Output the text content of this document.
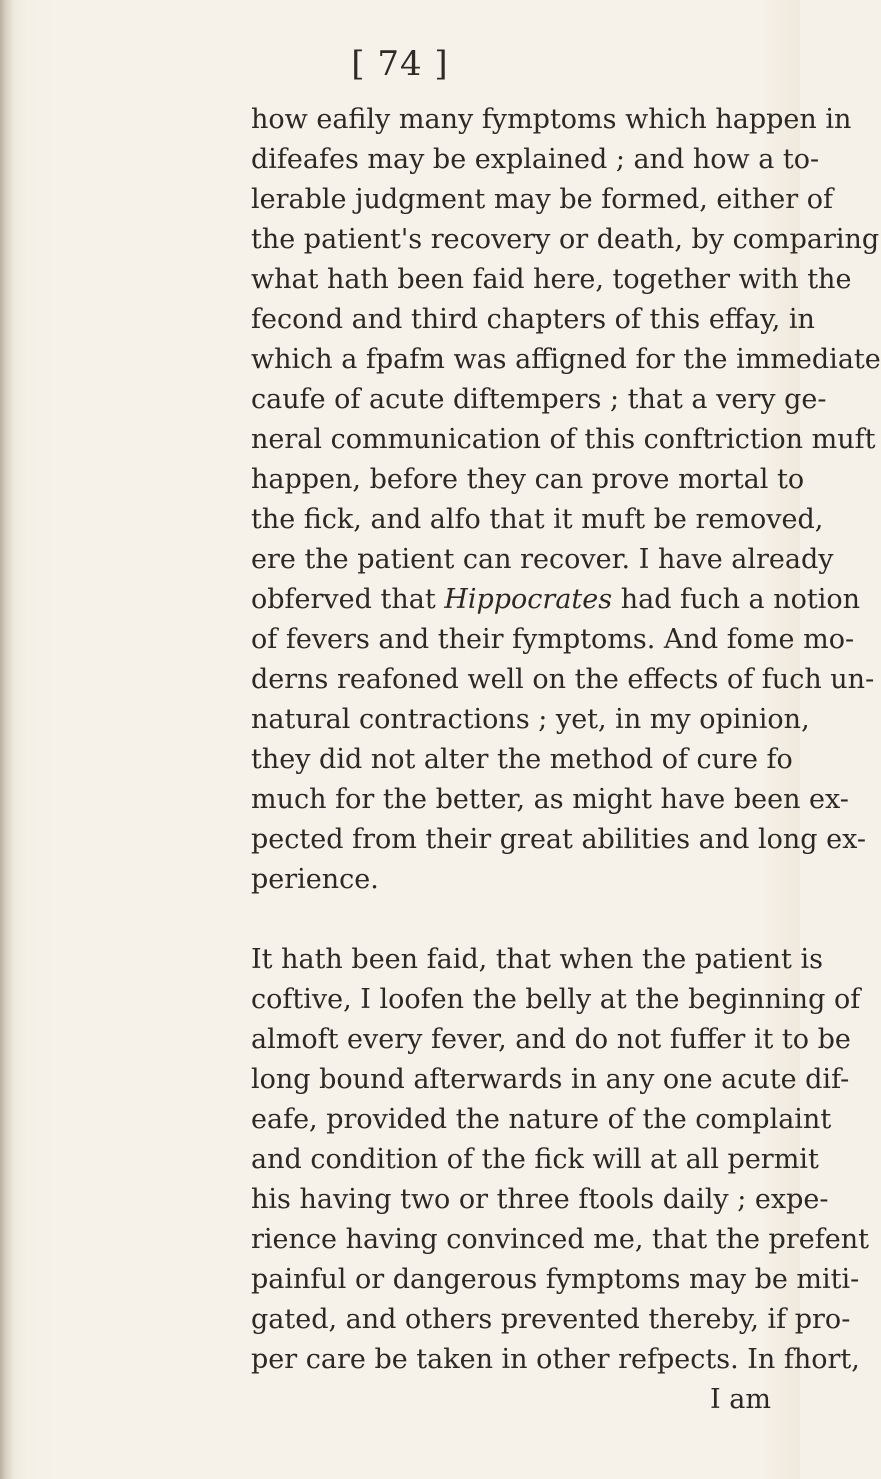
[ 74 ]
how eafily many fymptoms which happen in
difeafes may be explained ; and how a to-
lerable judgment may be formed, either of
the patient's recovery or death, by comparing
what hath been faid here, together with the
fecond and third chapters of this effay, in
which a fpafm was affigned for the immediate
caufe of acute diftempers ; that a very ge-
neral communication of this conftriction muft
happen, before they can prove mortal to
the fick, and alfo that it muft be removed,
ere the patient can recover. I have already
obferved that Hippocrates had fuch a notion
of fevers and their fymptoms. And fome mo-
derns reafoned well on the effects of fuch un-
natural contractions ; yet, in my opinion,
they did not alter the method of cure fo
much for the better, as might have been ex-
pected from their great abilities and long ex-
perience.
It hath been faid, that when the patient is
coftive, I loofen the belly at the beginning of
almoft every fever, and do not fuffer it to be
long bound afterwards in any one acute dif-
eafe, provided the nature of the complaint
and condition of the fick will at all permit
his having two or three ftools daily ; expe-
rience having convinced me, that the prefent
painful or dangerous fymptoms may be miti-
gated, and others prevented thereby, if pro-
per care be taken in other refpects. In fhort,
I am
